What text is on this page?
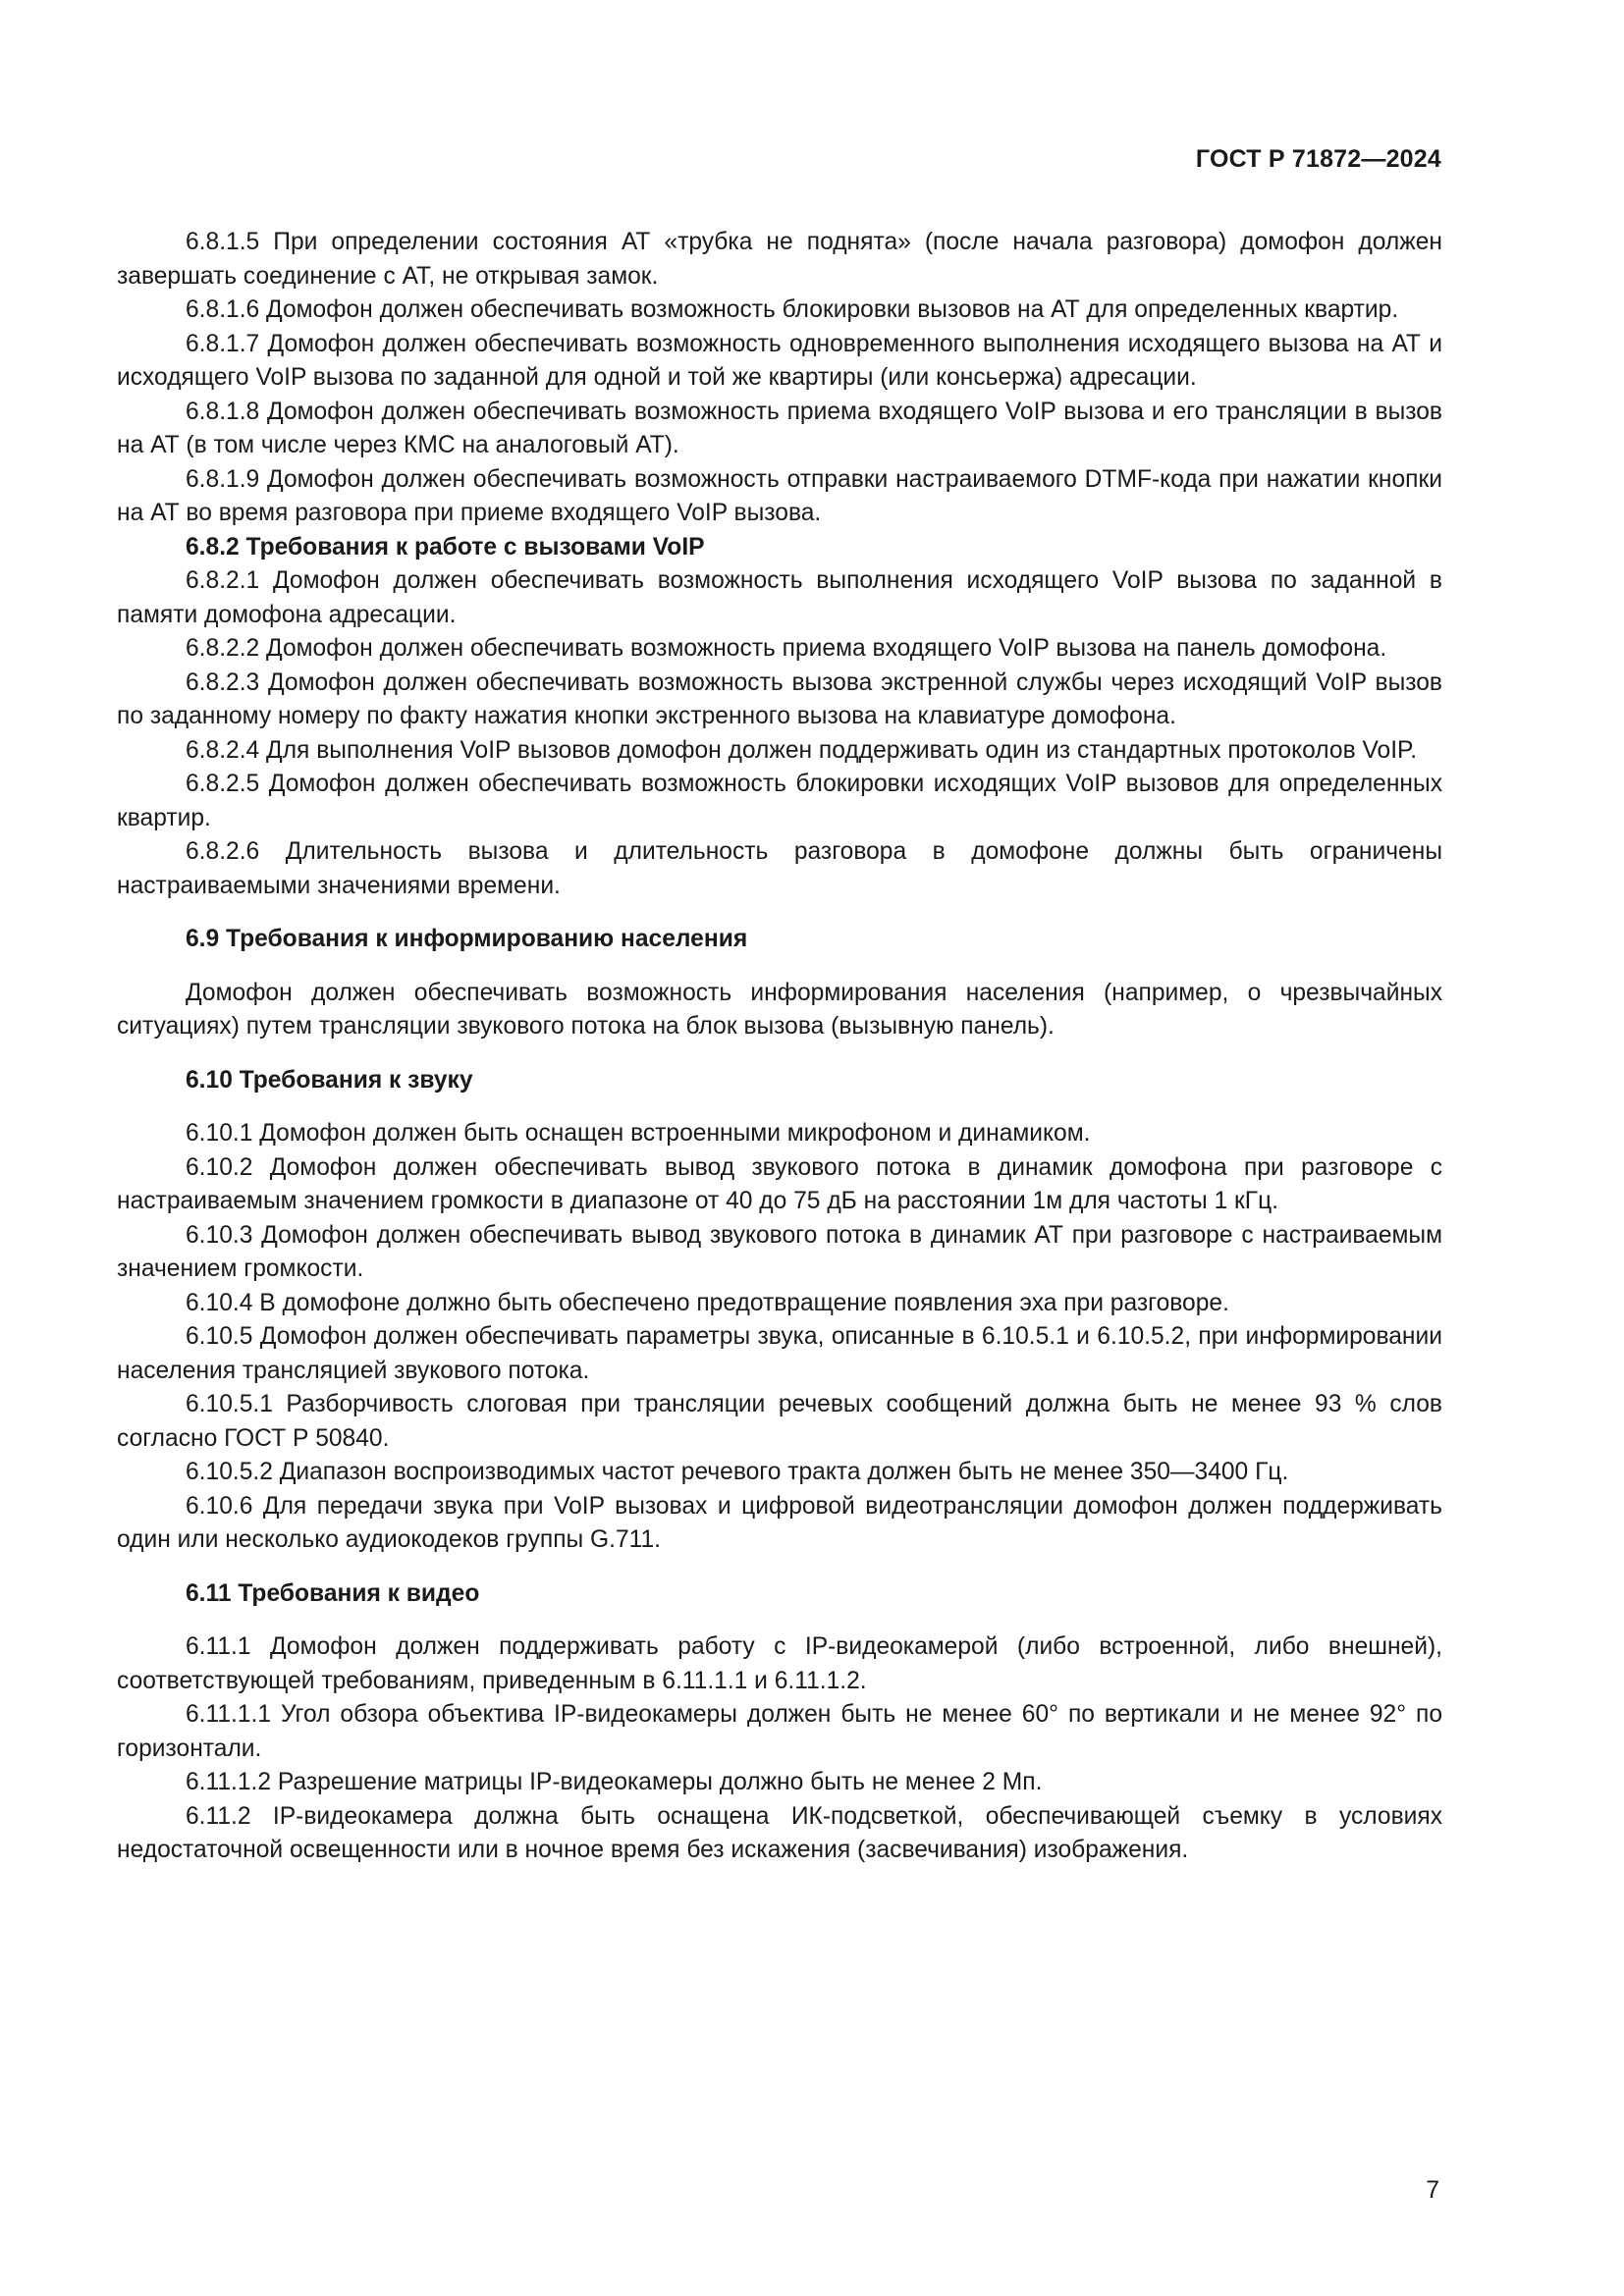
ГОСТ Р 71872—2024

6.8.1.5 При определении состояния АТ «трубка не поднята» (после начала разговора) домофон должен завершать соединение с АТ, не открывая замок.

6.8.1.6 Домофон должен обеспечивать возможность блокировки вызовов на АТ для определенных квартир.

6.8.1.7 Домофон должен обеспечивать возможность одновременного выполнения исходящего вызова на АТ и исходящего VoIP вызова по заданной для одной и той же квартиры (или консьержа) адресации.

6.8.1.8 Домофон должен обеспечивать возможность приема входящего VoIP вызова и его трансляции в вызов на АТ (в том числе через КМС на аналоговый АТ).

6.8.1.9 Домофон должен обеспечивать возможность отправки настраиваемого DTMF-кода при нажатии кнопки на АТ во время разговора при приеме входящего VoIP вызова.

6.8.2 Требования к работе с вызовами VoIP

6.8.2.1 Домофон должен обеспечивать возможность выполнения исходящего VoIP вызова по заданной в памяти домофона адресации.

6.8.2.2 Домофон должен обеспечивать возможность приема входящего VoIP вызова на панель домофона.

6.8.2.3 Домофон должен обеспечивать возможность вызова экстренной службы через исходящий VoIP вызов по заданному номеру по факту нажатия кнопки экстренного вызова на клавиатуре домофона.

6.8.2.4 Для выполнения VoIP вызовов домофон должен поддерживать один из стандартных протоколов VoIP.

6.8.2.5 Домофон должен обеспечивать возможность блокировки исходящих VoIP вызовов для определенных квартир.

6.8.2.6 Длительность вызова и длительность разговора в домофоне должны быть ограничены настраиваемыми значениями времени.

6.9 Требования к информированию населения

Домофон должен обеспечивать возможность информирования населения (например, о чрезвычайных ситуациях) путем трансляции звукового потока на блок вызова (вызывную панель).

6.10 Требования к звуку

6.10.1 Домофон должен быть оснащен встроенными микрофоном и динамиком.

6.10.2 Домофон должен обеспечивать вывод звукового потока в динамик домофона при разговоре с настраиваемым значением громкости в диапазоне от 40 до 75 дБ на расстоянии 1м для частоты 1 кГц.

6.10.3 Домофон должен обеспечивать вывод звукового потока в динамик АТ при разговоре с настраиваемым значением громкости.

6.10.4 В домофоне должно быть обеспечено предотвращение появления эха при разговоре.

6.10.5 Домофон должен обеспечивать параметры звука, описанные в 6.10.5.1 и 6.10.5.2, при информировании населения трансляцией звукового потока.

6.10.5.1 Разборчивость слоговая при трансляции речевых сообщений должна быть не менее 93 % слов согласно ГОСТ Р 50840.

6.10.5.2 Диапазон воспроизводимых частот речевого тракта должен быть не менее 350—3400 Гц.

6.10.6 Для передачи звука при VoIP вызовах и цифровой видеотрансляции домофон должен поддерживать один или несколько аудиокодеков группы G.711.

6.11 Требования к видео

6.11.1 Домофон должен поддерживать работу с IP-видеокамерой (либо встроенной, либо внешней), соответствующей требованиям, приведенным в 6.11.1.1 и 6.11.1.2.

6.11.1.1 Угол обзора объектива IP-видеокамеры должен быть не менее 60° по вертикали и не менее 92° по горизонтали.

6.11.1.2 Разрешение матрицы IP-видеокамеры должно быть не менее 2 Мп.

6.11.2 IP-видеокамера должна быть оснащена ИК-подсветкой, обеспечивающей съемку в условиях недостаточной освещенности или в ночное время без искажения (засвечивания) изображения.

7
